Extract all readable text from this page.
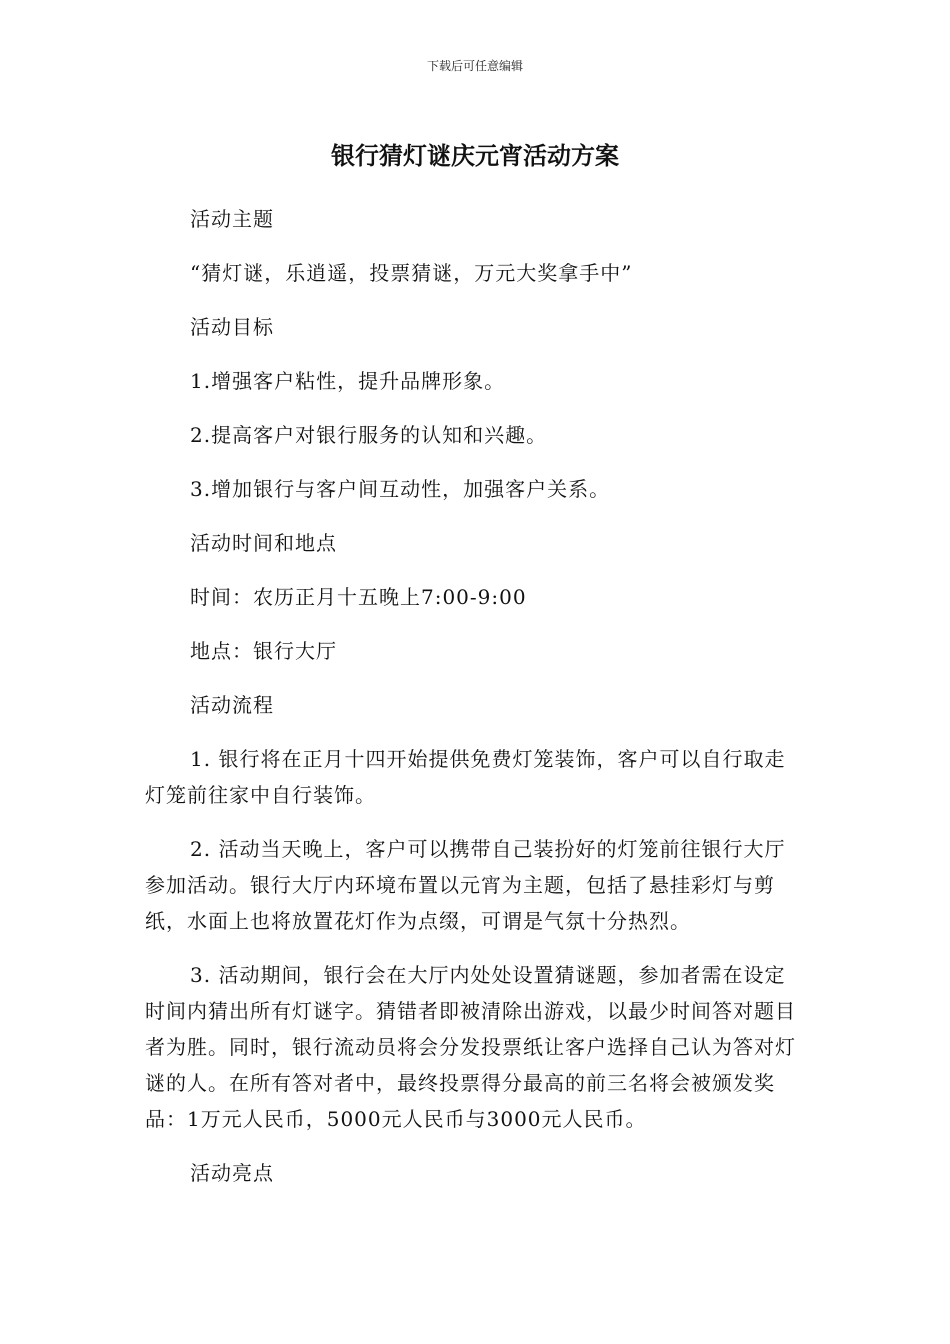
下载后可任意编辑
银行猜灯谜庆元宵活动方案

活动主题

“猜灯谜，乐逍遥，投票猜谜，万元大奖拿手中”

活动目标

1.增强客户粘性，提升品牌形象。

2.提高客户对银行服务的认知和兴趣。

3.增加银行与客户间互动性，加强客户关系。

活动时间和地点

时间：农历正月十五晚上7:00-9:00

地点：银行大厅

活动流程

1. 银行将在正月十四开始提供免费灯笼装饰，客户可以自行取走灯笼前往家中自行装饰。

2. 活动当天晚上，客户可以携带自己装扮好的灯笼前往银行大厅参加活动。银行大厅内环境布置以元宵为主题，包括了悬挂彩灯与剪纸，水面上也将放置花灯作为点缀，可谓是气氛十分热烈。

3. 活动期间，银行会在大厅内处处设置猜谜题，参加者需在设定时间内猜出所有灯谜字。猜错者即被清除出游戏，以最少时间答对题目者为胜。同时，银行流动员将会分发投票纸让客户选择自己认为答对灯谜的人。在所有答对者中，最终投票得分最高的前三名将会被颁发奖品：1万元人民币，5000元人民币与3000元人民币。

活动亮点
